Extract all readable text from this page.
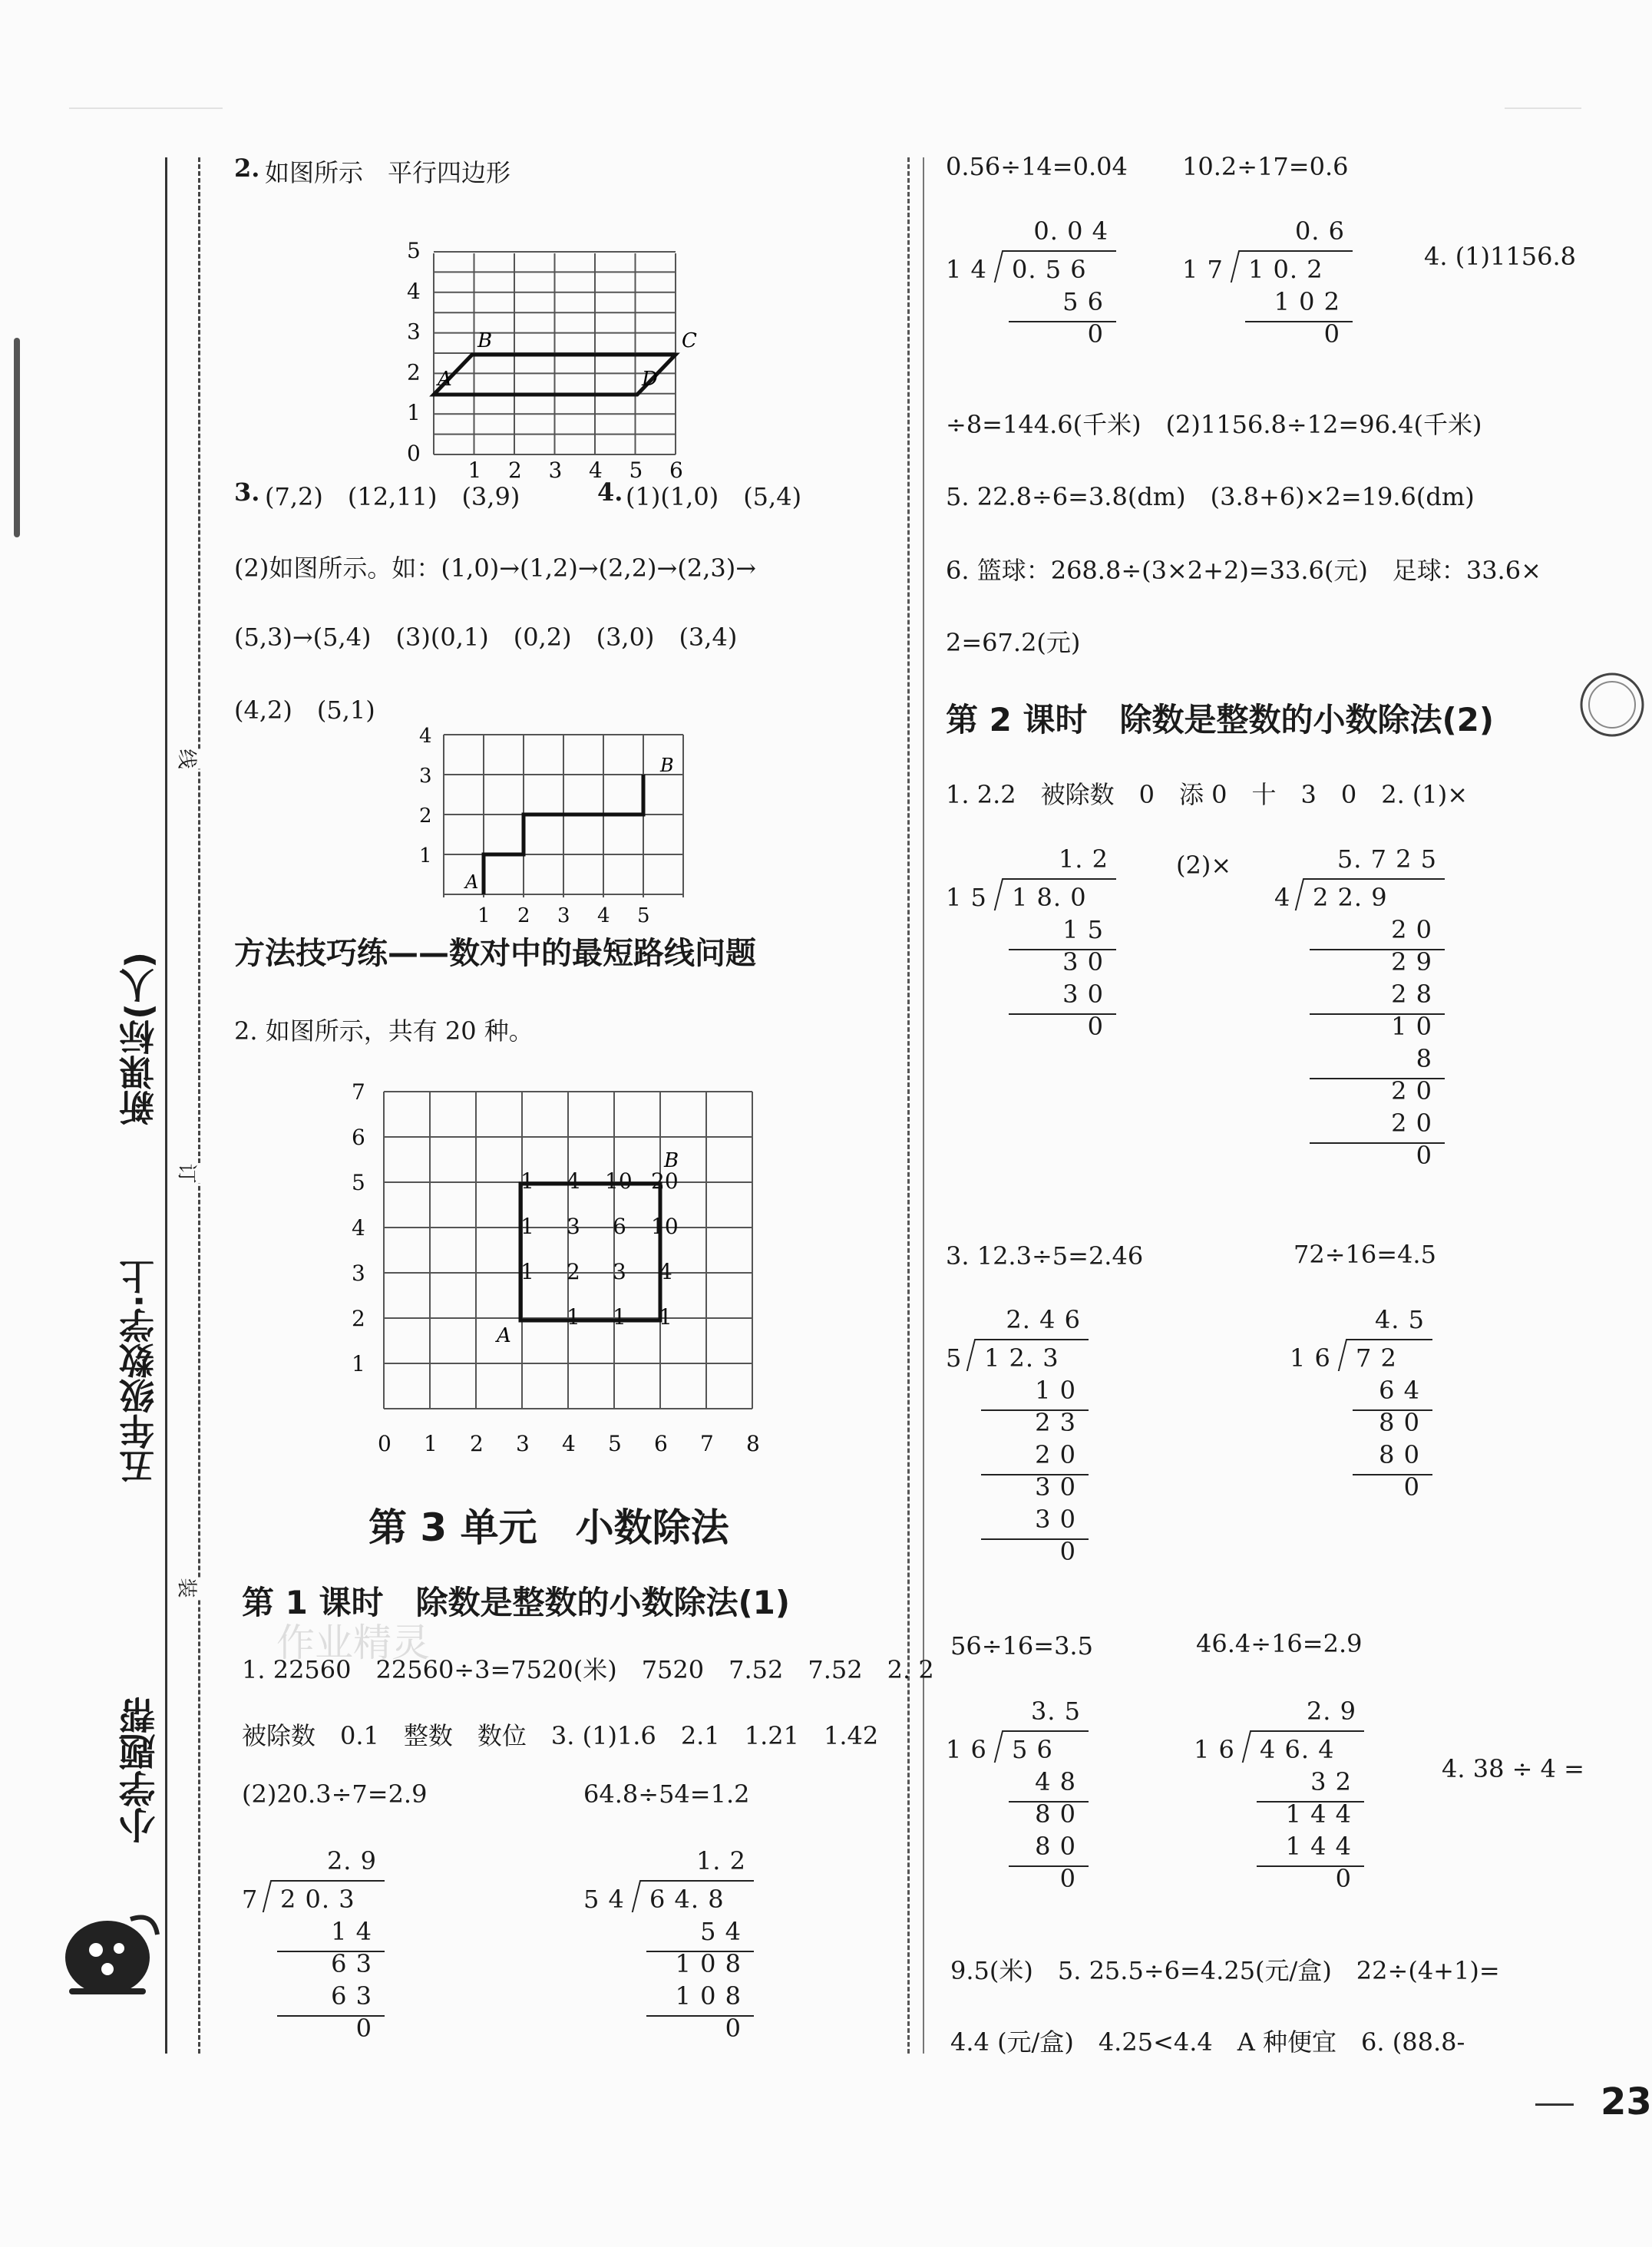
新课标(人)
五年级数学·上
小学题帮
线
订
装
2. 如图所示　平行四边形
1 2 3 4 5 6
0
1
2
3
4
5
A
B	C
D
3. (7,2)　(12,11)　(3,9)	4. (1)(1,0)　(5,4)
(2)如图所示。如：(1,0)→(1,2)→(2,2)→(2,3)→
(5,3)→(5,4)　(3)(0,1)　(0,2)　(3,0)　(3,4)
(4,2)　(5,1)
1 2 3 4 5
1
2
3
4
A
B
方法技巧练——数对中的最短路线问题
2. 如图所示，共有 20 种。
0 1 2 3 4 5 6 7 8
1
2
3
4
5
6
7
1 4 10 20
1 3 6 10
1 2 3 4
1 1 1
A
B
第 3 单元　小数除法
第 1 课时　除数是整数的小数除法(1)
作业精灵
1. 22560　22560÷3=7520(米)　7520　7.52　7.52　2. 2
被除数　0.1　整数　数位　3. (1)1.6　2.1　1.21　1.42
(2)20.3÷7=2.9	64.8÷54=1.2
0.56÷14=0.04 10.2÷17=0.6
4. (1)1156.8
÷8=144.6(千米)　(2)1156.8÷12=96.4(千米)
5. 22.8÷6=3.8(dm)　(3.8+6)×2=19.6(dm)
6. 篮球：268.8÷(3×2+2)=33.6(元)　足球：33.6×
2=67.2(元)
第 2 课时　除数是整数的小数除法(2)
1. 2.2　被除数　0　添 0　十　3　0　2. (1)×
(2)×
3. 12.3÷5=2.46	72÷16=4.5
56÷16=3.5	46.4÷16=2.9
4. 38 ÷ 4 =
9.5(米)　5. 25.5÷6=4.25(元/盒)　22÷(4+1)=
4.4 (元/盒)　4.25<4.4　A 种便宜　6. (88.8-
23
0. 0 4
1 4 0. 5 6
5 6
0
0. 6
1 7 1 0. 2
1 0 2
0
1. 2
1 5 1 8. 0
1 5
3 0
3 0
0
5. 7 2 5
4 2 2. 9
2 0
2 9
2 8
1 0
8
2 0
2 0
0
2. 4 6
5 1 2. 3
1 0
2 3
2 0
3 0
3 0
0
4. 5
1 6 7 2
6 4
8 0
8 0
0
3. 5
1 6 5 6
4 8
8 0
8 0
0
2. 9
1 6 4 6. 4
3 2
1 4 4
1 4 4
0
2. 9
7 2 0. 3
1 4
6 3
6 3
0
1. 2
5 4 6 4. 8
5 4
1 0 8
1 0 8
0
